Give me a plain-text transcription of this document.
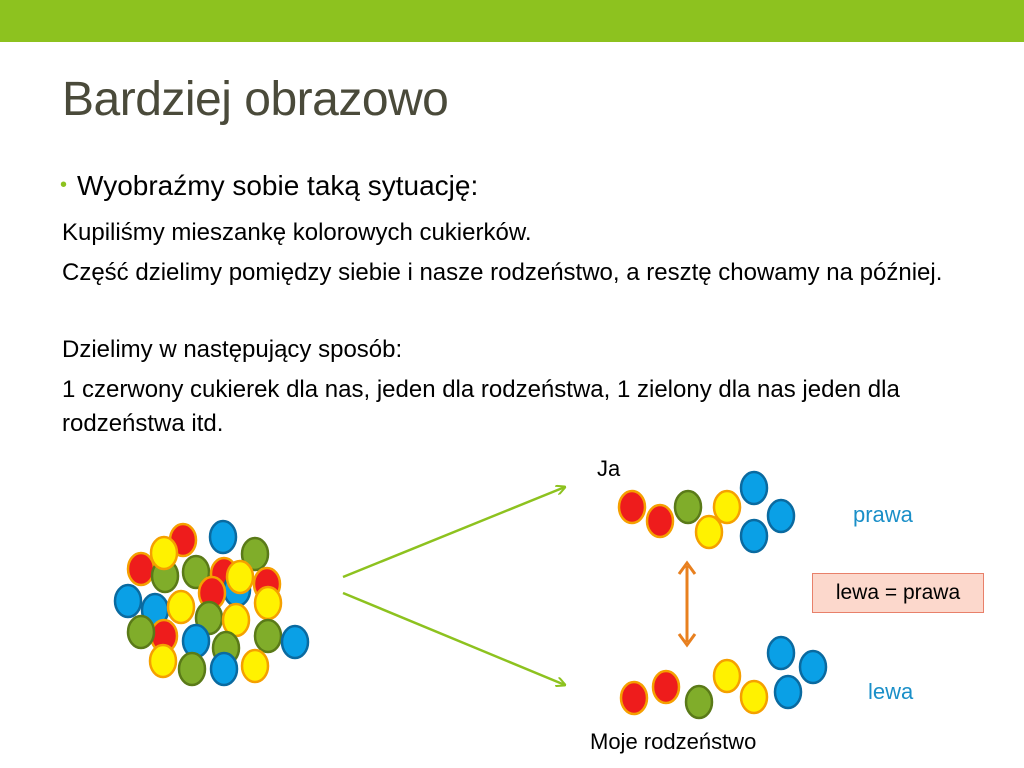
Bardziej obrazowo
• Wyobraźmy sobie taką sytuację:
Kupiliśmy mieszankę kolorowych cukierków.
Część dzielimy pomiędzy siebie i nasze rodzeństwo, a resztę chowamy na później.
Dzielimy w następujący sposób:
1 czerwony cukierek dla nas, jeden dla rodzeństwa, 1 zielony dla nas jeden dla rodzeństwa itd.
Ja
prawa
lewa
Moje rodzeństwo
lewa = prawa
